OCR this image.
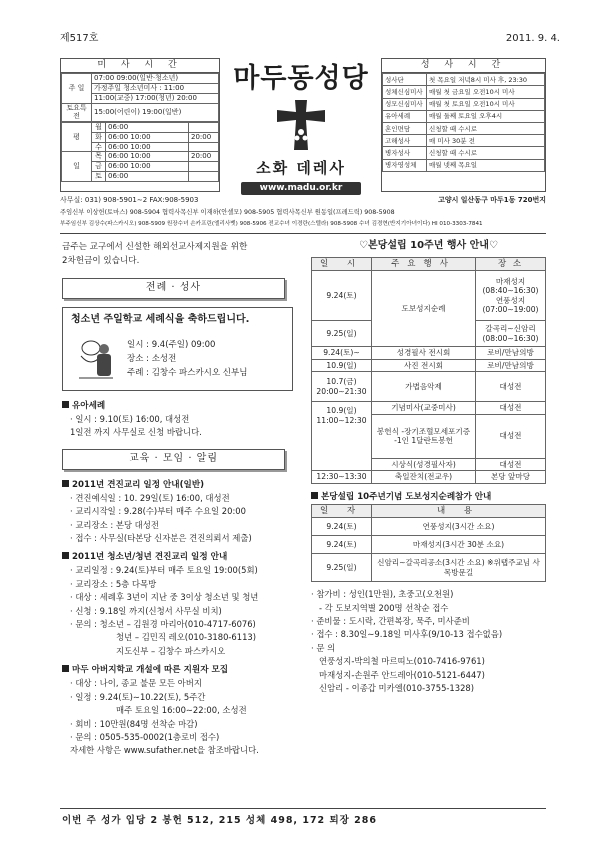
제517호	2011. 9. 4.
미 사 시 간
주 일	07:00 09:00(일반·청소년)
	가정주일 청소년미사 : 11:00
	11:00(교중) 17:00(청년) 20:00
토요특전	15:00(어린이) 19:00(일반)
평	월	06:00	
	화	06:00 10:00	20:00
	수	06:00 10:00	
일	목	06:00 10:00	20:00
	금	06:00 10:00	
	토	06:00	
마두동성당
소화 데레사
www.madu.or.kr
성 사 시 간
성사단	첫 목요일 저녁8시 미사 후, 23:30
성체신심미사	매월 첫 금요일 오전10시 미사
성모신심미사	매월 첫 토요일 오전10시 미사
유아세례	매월 둘째 토요일 오후4시
혼인면담	신청할 때 수시로
고해성사	매 미사 30분 전
병자성사	신청할 때 수시로
병자영성체	매월 넷째 목요일
사무실: 031) 908-5901∼2 FAX:908-5903	고양시 일산동구 마두1동 720번지
주임신부 이상헌(토마스) 908-5904 협력사목신부 이재하(안셀모) 908-5905 협력사목신부 원동일(프레드릭) 908-5908
부주임신부 김상수(파스카시오) 908-5909 원장수녀 손카프린(엘리사벳) 908-5906 전교수녀 이경란(스텔라) 908-5908 수녀 김경현(반지기아녀이다) HI 010-3303-7841
금주는 교구에서 신설한 해외선교사제지원을 위한
2차헌금이 있습니다.
전례 · 성사
청소년 주일학교 세례식을 축하드립니다.
일시 : 9.4(주일) 09:00
장소 : 소성전
주례 : 김창수 파스카시오 신부님
유아세례
· 일시 : 9.10(토) 16:00, 대성전
1일전 까지 사무실로 신청 바랍니다.
교육 · 모임 · 알림
2011년 견진교리 일정 안내(일반)
· 견진예식일 : 10. 29일(토) 16:00, 대성전
· 교리시작일 : 9.28(수)부터 매주 수요일 20:00
· 교리장소 : 본당 대성전
· 접수 : 사무실(타본당 신자분은 견진의뢰서 제출)
2011년 청소년/청년 견진교리 일정 안내
· 교리일정 : 9.24(토)부터 매주 토요일 19:00(5회)
· 교리장소 : 5층 다목방
· 대상 : 세례후 3년이 지난 중 3이상 청소년 및 청년
· 신청 : 9.18일 까지(신청서 사무실 비치)
· 문의 : 청소년 – 김원경 마리아(010-4717-6076)
청년 – 김민직 레오(010-3180-6113)
지도신부 – 김창수 파스카시오
마두 아버지학교 개설에 따른 지원자 모집
· 대상 : 나이, 종교 불문 모든 아버지
· 일정 : 9.24(토)∼10.22(토), 5주간
매주 토요일 16:00∼22:00, 소성전
· 회비 : 10만원(84명 선착순 마감)
· 문의 : 0505-535-0002(1층로비 접수)
자세한 사항은 www.sufather.net을 참조바랍니다.
♡본당설립 10주년 행사 안내♡
일 시	주요행사	장 소
9.24(토)	도보성지순례	마재성지 (08:40∼16:30) 연풍성지 (07:00∼19:00)
9.25(일)		갈곡리∼신암리 (08:00∼16:30)
9.24(토)∼	성경필사 전시회	로비/만남의방
10.9(일)	사진 전시회	로비/만남의방
10.7(금) 20:00∼21:30	가볍음악제	대성전
10.9(일) 11:00∼12:30	기념미사(교중미사)	대성전
	봉헌식 -장기조혈모세포기증 -1인 1달란트봉헌	대성전
	시상식(성경필사자)	대성전
12:30∼13:30	축일잔치(전교우)	본당 앞마당
본당설립 10주년기념 도보성지순례참가 안내
일 자	내 용
9.24(토)	연풍성지(3시간 소요)
9.24(토)	마재성지(3시간 30분 소요)
9.25(일)	신암리∼갈곡리공소(3시간 소요) ※위탭주교님 사목방문길
· 참가비 : 성인(1만원), 초중고(오천원)
- 각 도보지역별 200명 선착순 접수
· 준비물 : 도시락, 간편복장, 묵주, 미사준비
· 접수 : 8.30일∼9.18일 미사후(9/10-13 접수없음)
· 문 의
연풍성지-박의철 마르띠노(010-7416-9761)
마재성지-손원주 안드레아(010-5121-6447)
신암리 - 이종갑 미카엘(010-3755-1328)
이번 주 성가 입당 2 봉헌 512, 215 성체 498, 172 퇴장 286
